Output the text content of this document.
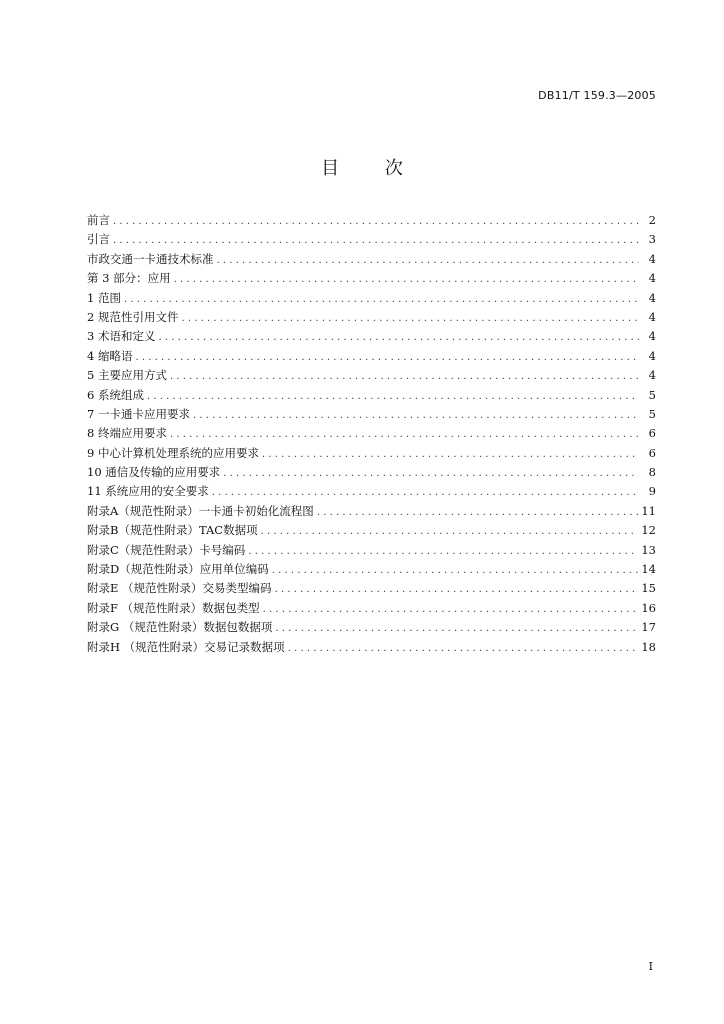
DB11/T 159.3—2005
目 次
前言 .....	2
引言 .....	3
市政交通一卡通技术标准 .....	4
第 3 部分：应用 .....	4
1 范围 .....	4
2 规范性引用文件 .....	4
3 术语和定义 .....	4
4 缩略语 .....	4
5 主要应用方式 .....	4
6 系统组成 .....	5
7 一卡通卡应用要求 .....	5
8 终端应用要求 .....	6
9 中心计算机处理系统的应用要求 .....	6
10 通信及传输的应用要求 .....	8
11 系统应用的安全要求 .....	9
附录A（规范性附录）一卡通卡初始化流程图 .....	11
附录B（规范性附录）TAC数据项 .....	12
附录C（规范性附录）卡号编码 .....	13
附录D（规范性附录）应用单位编码 .....	14
附录E （规范性附录）交易类型编码 .....	15
附录F （规范性附录）数据包类型 .....	16
附录G （规范性附录）数据包数据项 .....	17
附录H （规范性附录）交易记录数据项 .....	18
I
